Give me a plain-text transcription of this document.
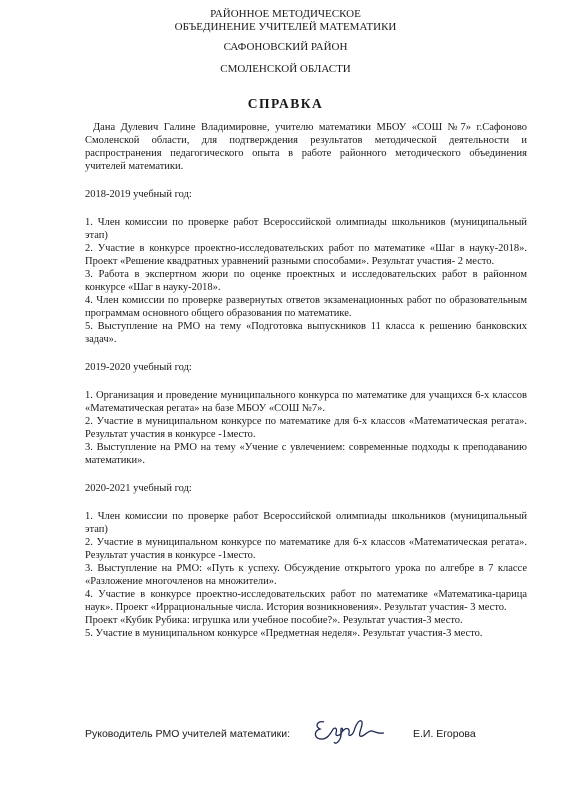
РАЙОННОЕ МЕТОДИЧЕСКОЕ
ОБЪЕДИНЕНИЕ УЧИТЕЛЕЙ МАТЕМАТИКИ
САФОНОВСКИЙ РАЙОН
СМОЛЕНСКОЙ ОБЛАСТИ
СПРАВКА
Дана Дулевич Галине Владимировне, учителю математики МБОУ «СОШ №7» г.Сафоново Смоленской области, для подтверждения результатов методической деятельности и распространения педагогического опыта в работе районного методического объединения учителей математики.
2018-2019 учебный год:

1. Член комиссии по проверке работ Всероссийской олимпиады школьников (муниципальный этап)

2. Участие в конкурсе проектно-исследовательских работ по математике «Шаг в науку-2018». Проект «Решение квадратных уравнений разными способами». Результат участия- 2 место.

3. Работа в экспертном жюри по оценке проектных и исследовательских работ в районном конкурсе «Шаг в науку-2018».

4. Член комиссии по проверке развернутых ответов экзаменационных работ по образовательным программам основного общего образования по математике.

5. Выступление на РМО на тему «Подготовка выпускников 11 класса к решению банковских задач».

2019-2020 учебный год:

1. Организация и проведение муниципального конкурса по математике для учащихся 6-х классов «Математическая регата» на базе МБОУ «СОШ №7».

2. Участие в муниципальном конкурсе по математике для 6-х классов «Математическая регата». Результат участия в конкурсе -1место.

3. Выступление на РМО на тему «Учение с увлечением: современные подходы к преподаванию математики».

2020-2021 учебный год:

1. Член комиссии по проверке работ Всероссийской олимпиады школьников (муниципальный этап)

2. Участие в муниципальном конкурсе по математике для 6-х классов «Математическая регата». Результат участия в конкурсе -1место.

3. Выступление на РМО: «Путь к успеху. Обсуждение открытого урока по алгебре в 7 классе «Разложение многочленов на множители».

4. Участие в конкурсе проектно-исследовательских работ по математике «Математика-царица наук». Проект «Иррациональные числа. История возникновения». Результат участия- 3 место.

Проект «Кубик Рубика: игрушка или учебное пособие?». Результат участия-3 место.

5. Участие в муниципальном конкурсе «Предметная неделя». Результат участия-3 место.

Руководитель РМО учителей математики:	Е.И. Егорова
